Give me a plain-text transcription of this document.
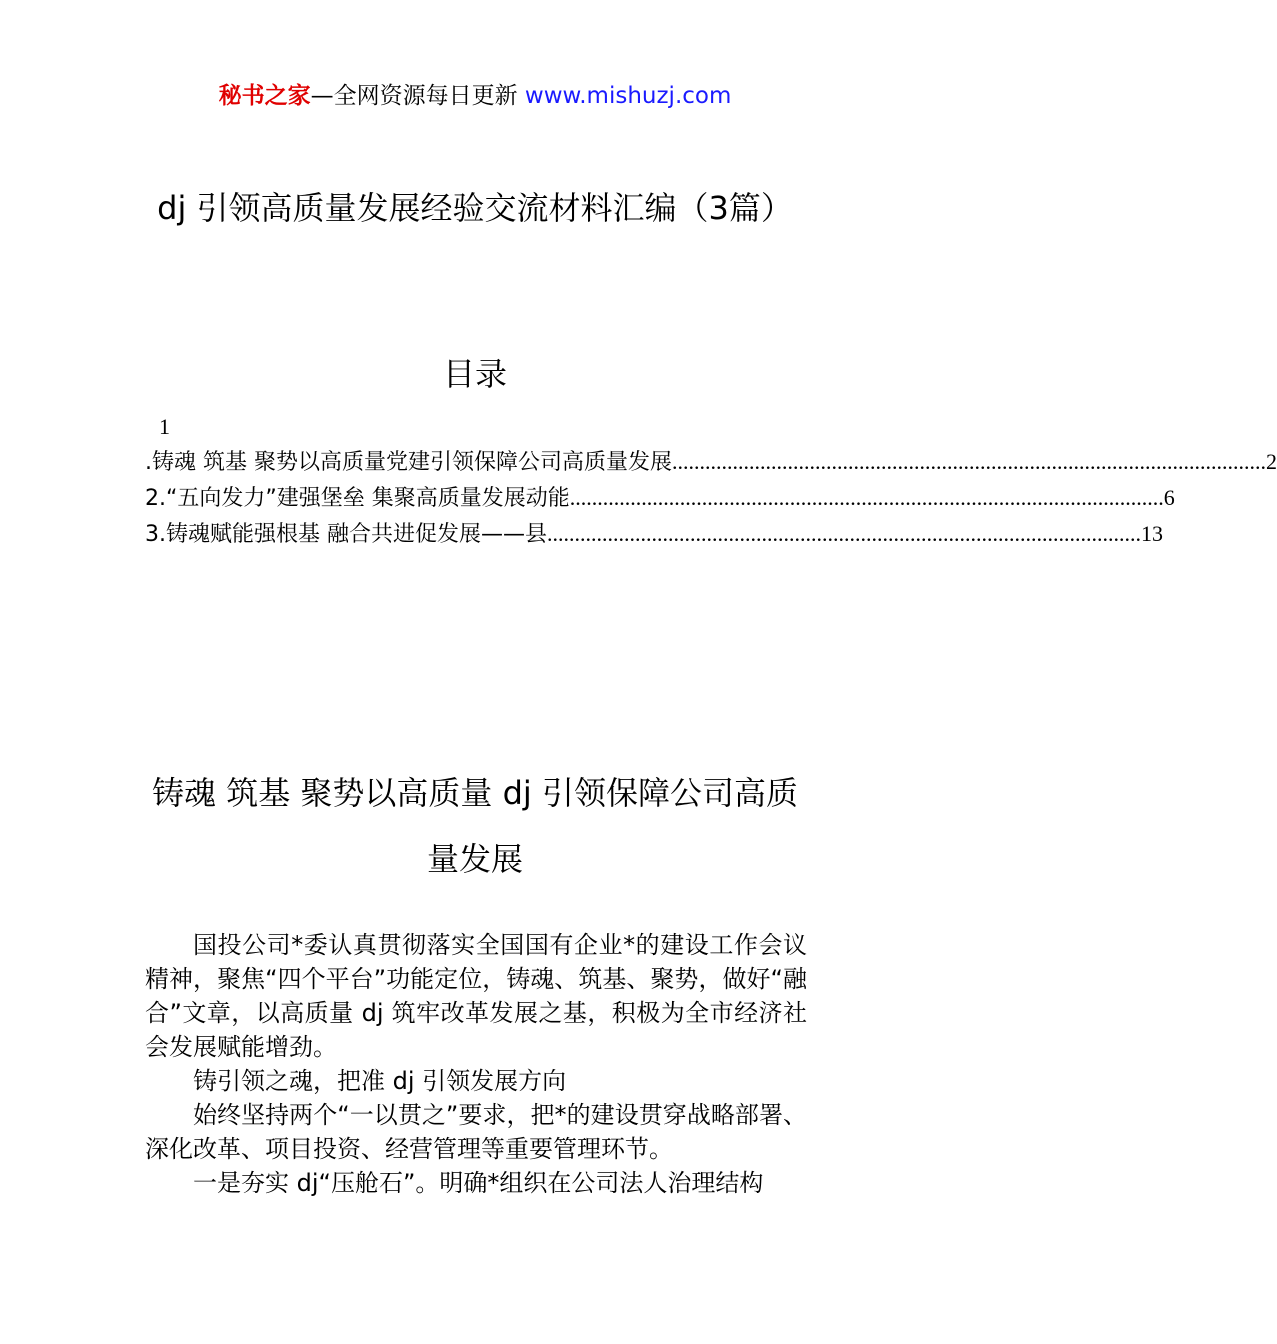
秘书之家—全网资源每日更新 www.mishuzj.com
dj 引领高质量发展经验交流材料汇编（3篇）
目录
1
.铸魂 筑基 聚势以高质量党建引领保障公司高质量发展 ............................................................................................................ 2
2.“五向发力”建强堡垒 集聚高质量发展动能 ............................................................................................................ 6
3.铸魂赋能强根基 融合共进促发展——县 ............................................................................................................ 13
铸魂 筑基 聚势以高质量 dj 引领保障公司高质量发展

国投公司*委认真贯彻落实全国国有企业*的建设工作会议精神，聚焦“四个平台”功能定位，铸魂、筑基、聚势，做好“融合”文章，以高质量 dj 筑牢改革发展之基，积极为全市经济社会发展赋能增劲。

铸引领之魂，把准 dj 引领发展方向

始终坚持两个“一以贯之”要求，把*的建设贯穿战略部署、深化改革、项目投资、经营管理等重要管理环节。

一是夯实 dj“压舱石”。明确*组织在公司法人治理结构
